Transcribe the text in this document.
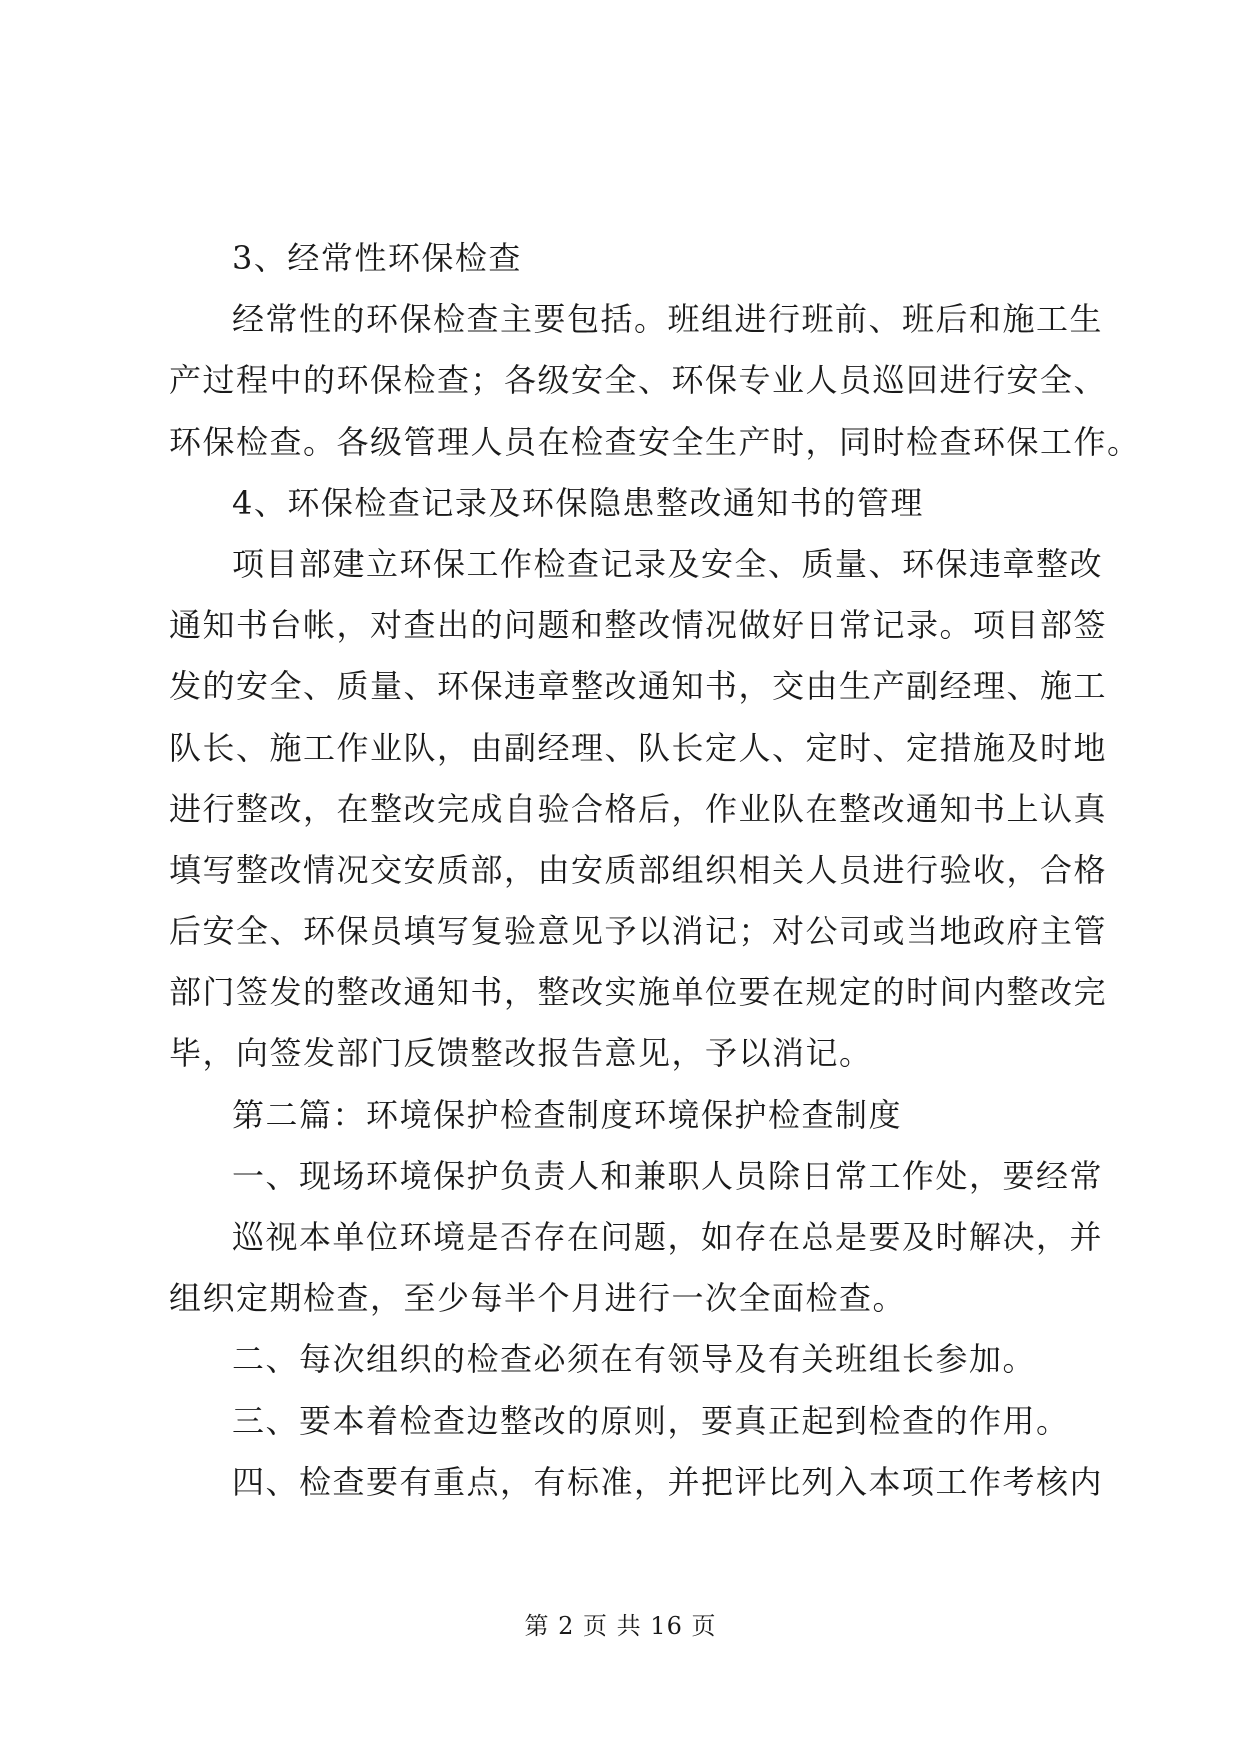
3、经常性环保检查
经常性的环保检查主要包括。班组进行班前、班后和施工生
产过程中的环保检查；各级安全、环保专业人员巡回进行安全、
环保检查。各级管理人员在检查安全生产时，同时检查环保工作。
4、环保检查记录及环保隐患整改通知书的管理
项目部建立环保工作检查记录及安全、质量、环保违章整改
通知书台帐，对查出的问题和整改情况做好日常记录。项目部签
发的安全、质量、环保违章整改通知书，交由生产副经理、施工
队长、施工作业队，由副经理、队长定人、定时、定措施及时地
进行整改，在整改完成自验合格后，作业队在整改通知书上认真
填写整改情况交安质部，由安质部组织相关人员进行验收，合格
后安全、环保员填写复验意见予以消记；对公司或当地政府主管
部门签发的整改通知书，整改实施单位要在规定的时间内整改完
毕，向签发部门反馈整改报告意见，予以消记。
第二篇：环境保护检查制度环境保护检查制度
一、现场环境保护负责人和兼职人员除日常工作处，要经常
巡视本单位环境是否存在问题，如存在总是要及时解决，并
组织定期检查，至少每半个月进行一次全面检查。
二、每次组织的检查必须在有领导及有关班组长参加。
三、要本着检查边整改的原则，要真正起到检查的作用。
四、检查要有重点，有标准，并把评比列入本项工作考核内
第 2 页 共 16 页
